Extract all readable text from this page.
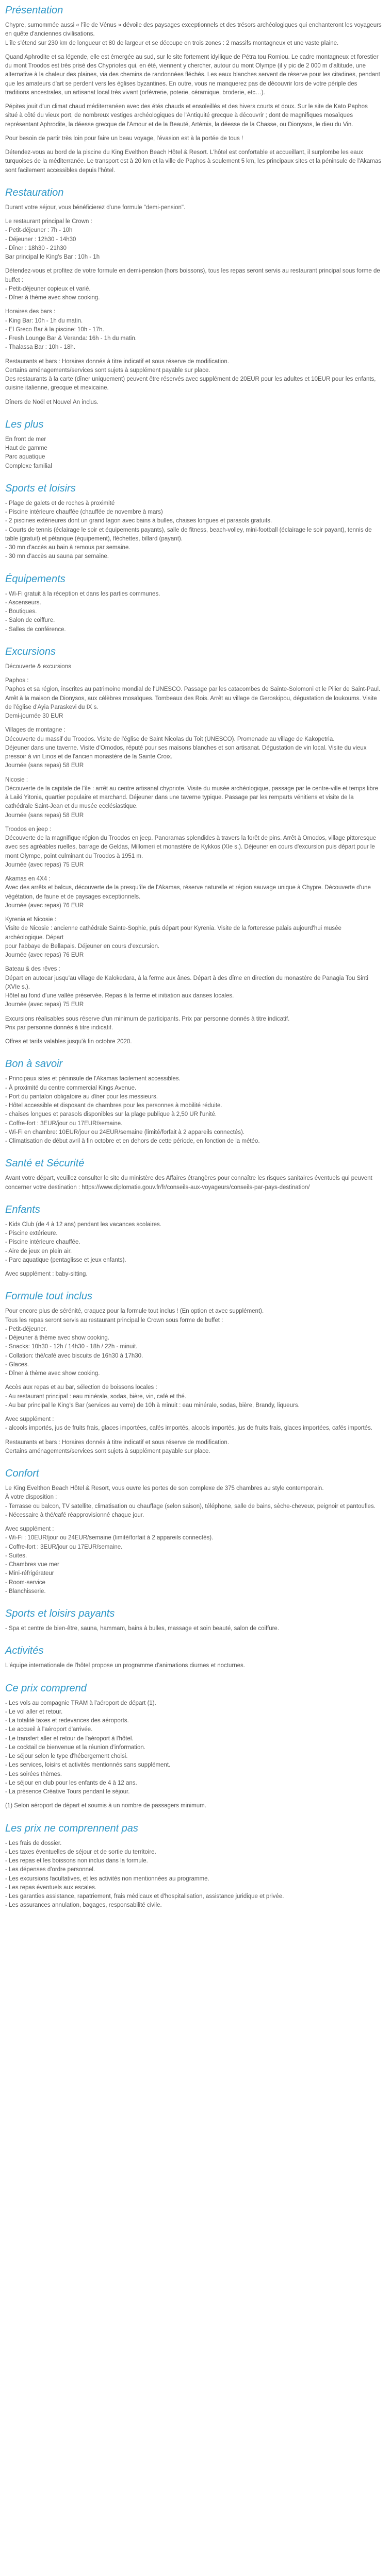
Présentation

Chypre, surnommée aussi « l'île de Vénus » dévoile des paysages exceptionnels et des trésors archéologiques qui enchanteront les voyageurs en quête d'anciennes civilisations.

L'île s'étend sur 230 km de longueur et 80 de largeur et se découpe en trois zones : 2 massifs montagneux et une vaste plaine.

Quand Aphrodite et sa légende, elle est émergée au sud, sur le site fortement idyllique de Pétra tou Romiou. Le cadre montagneux et forestier du mont Troodos est très prisé des Chypriotes qui, en été, viennent y chercher, autour du mont Olympe (il y pic de 2 000 m d'altitude, une alternative à la chaleur des plaines, via des chemins de randonnées fléchés. Les eaux blanches servent de réserve pour les citadines, pendant que les amateurs d'art se perdent vers les églises byzantines. En outre, vous ne manquerez pas de découvrir lors de votre périple des traditions ancestrales, un artisanat local très vivant (orfèvrerie, poterie, céramique, broderie, etc…).

Pépites jouit d'un climat chaud méditerranéen avec des étés chauds et ensoleillés et des hivers courts et doux. Sur le site de Kato Paphos situé à côté du vieux port, de nombreux vestiges archéologiques de l'Antiquité grecque à découvrir ; dont de magnifiques mosaïques représentant Aphrodite, la déesse grecque de l'Amour et de la Beauté, Artémis, la déesse de la Chasse, ou Dionysos, le dieu du Vin.

Pour besoin de partir très loin pour faire un beau voyage, l'évasion est à la portée de tous !

Détendez-vous au bord de la piscine du King Evelthon Beach Hôtel & Resort. L'hôtel est confortable et accueillant, il surplombe les eaux turquoises de la méditerranée. Le transport est à 20 km et la ville de Paphos à seulement 5 km, les principaux sites et la péninsule de l'Akamas sont facilement accessibles depuis l'hôtel.

Restauration

Durant votre séjour, vous bénéficierez d'une formule "demi-pension".

Le restaurant principal le Crown :

- Petit-déjeuner : 7h - 10h

- Déjeuner : 12h30 - 14h30

- Dîner : 18h30 - 21h30

Bar principal le King's Bar : 10h - 1h

Détendez-vous et profitez de votre formule en demi-pension (hors boissons), tous les repas seront servis au restaurant principal sous forme de buffet :

- Petit-déjeuner copieux et varié.

- Dîner à thème avec show cooking.

Horaires des bars :

- King Bar: 10h - 1h du matin.

- El Greco Bar à la piscine: 10h - 17h.

- Fresh Lounge Bar & Veranda: 16h - 1h du matin.

- Thalassa Bar : 10h - 18h.

Restaurants et bars : Horaires donnés à titre indicatif et sous réserve de modification.

Certains aménagements/services sont sujets à supplément payable sur place.

Des restaurants à la carte (dîner uniquement) peuvent être réservés avec supplément de 20EUR pour les adultes et 10EUR pour les enfants, cuisine italienne, grecque et mexicaine.

Dîners de Noël et Nouvel An inclus.

Les plus

En front de mer

Haut de gamme

Parc aquatique

Complexe familial

Sports et loisirs

- Plage de galets et de roches à proximité

- Piscine intérieure chauffée (chauffée de novembre à mars)

- 2 piscines extérieures dont un grand lagon avec bains à bulles, chaises longues et parasols gratuits.

- Courts de tennis (éclairage le soir et équipements payants), salle de fitness, beach-volley, mini-football (éclairage le soir payant), tennis de table (gratuit) et pétanque (équipement), fléchettes, billard (payant).

- 30 mn d'accès au bain à remous par semaine.

- 30 mn d'accès au sauna par semaine.

Équipements

- Wi-Fi gratuit à la réception et dans les parties communes.

- Ascenseurs.

- Boutiques.

- Salon de coiffure.

- Salles de conférence.

Excursions

Découverte & excursions

Paphos :

Paphos et sa région, inscrites au patrimoine mondial de l'UNESCO. Passage par les catacombes de Sainte-Solomoni et le Pilier de Saint-Paul. Arrêt à la maison de Dionysos, aux célèbres mosaïques. Tombeaux des Rois. Arrêt au village de Geroskipou, dégustation de loukoums. Visite de l'église d'Ayia Paraskevi du IX s.

Demi-journée 30 EUR

Villages de montagne :

Découverte du massif du Troodos. Visite de l'église de Saint Nicolas du Toit (UNESCO). Promenade au village de Kakopetria.

Déjeuner dans une taverne. Visite d'Omodos, réputé pour ses maisons blanches et son artisanat. Dégustation de vin local. Visite du vieux pressoir à vin Linos et de l'ancien monastère de la Sainte Croix.

Journée (sans repas) 58 EUR

Nicosie :

Découverte de la capitale de l'île : arrêt au centre artisanal chypriote. Visite du musée archéologique, passage par le centre-ville et temps libre à Laiki Yitonia, quartier populaire et marchand. Déjeuner dans une taverne typique. Passage par les remparts vénitiens et visite de la cathédrale Saint-Jean et du musée ecclésiastique.

Journée (sans repas) 58 EUR

Troodos en jeep :

Découverte de la magnifique région du Troodos en jeep. Panoramas splendides à travers la forêt de pins. Arrêt à Omodos, village pittoresque avec ses agréables ruelles, barrage de Geldas, Millomeri et monastère de Kykkos (XIe s.). Déjeuner en cours d'excursion puis départ pour le mont Olympe, point culminant du Troodos à 1951 m.

Journée (avec repas) 75 EUR

Akamas en 4X4 :

Avec des arrêts et balcus, découverte de la presqu'île de l'Akamas, réserve naturelle et région sauvage unique à Chypre. Découverte d'une végétation, de faune et de paysages exceptionnels.

Journée (avec repas) 76 EUR

Kyrenia et Nicosie :

Visite de Nicosie : ancienne cathédrale Sainte-Sophie, puis départ pour Kyrenia. Visite de la forteresse palais aujourd'hui musée archéologique. Départ

pour l'abbaye de Bellapais. Déjeuner en cours d'excursion.

Journée (avec repas) 76 EUR

Bateau & des rêves :

Départ en autocar jusqu'au village de Kalokedara, à la ferme aux ânes. Départ à des dîme en direction du monastère de Panagia Tou Sinti (XVIe s.).

Hôtel au fond d'une vallée préservée. Repas à la ferme et initiation aux danses locales.

Journée (avec repas) 75 EUR

Excursions réalisables sous réserve d'un minimum de participants. Prix par personne donnés à titre indicatif.

Prix par personne donnés à titre indicatif.

Offres et tarifs valables jusqu'à fin octobre 2020.

Bon à savoir

- Principaux sites et péninsule de l'Akamas facilement accessibles.

- À proximité du centre commercial Kings Avenue.

- Port du pantalon obligatoire au dîner pour les messieurs.

- Hôtel accessible et disposant de chambres pour les personnes à mobilité réduite.

- chaises longues et parasols disponibles sur la plage publique à 2,50 UR l'unité.

- Coffre-fort : 3EUR/jour ou 17EUR/semaine.

- Wi-Fi en chambre: 10EUR/jour ou 24EUR/semaine (limité/forfait à 2 appareils connectés).

- Climatisation de début avril à fin octobre et en dehors de cette période, en fonction de la météo.

Santé et Sécurité

Avant votre départ, veuillez consulter le site du ministère des Affaires étrangères pour connaître les risques sanitaires éventuels qui peuvent concerner votre destination : https://www.diplomatie.gouv.fr/fr/conseils-aux-voyageurs/conseils-par-pays-destination/

Enfants

- Kids Club (de 4 à 12 ans) pendant les vacances scolaires.

- Piscine extérieure.

- Piscine intérieure chauffée.

- Aire de jeux en plein air.

- Parc aquatique (pentaglisse et jeux enfants).

Avec supplément : baby-sitting.

Formule tout inclus

Pour encore plus de sérénité, craquez pour la formule tout inclus ! (En option et avec supplément).

Tous les repas seront servis au restaurant principal le Crown sous forme de buffet :

- Petit-déjeuner.

- Déjeuner à thème avec show cooking.

- Snacks: 10h30 - 12h / 14h30 - 18h / 22h - minuit.

- Collation: thé/café avec biscuits de 16h30 à 17h30.

- Glaces.

- Dîner à thème avec show cooking.

Accès aux repas et au bar, sélection de boissons locales :

- Au restaurant principal : eau minérale, sodas, bière, vin, café et thé.

- Au bar principal le King's Bar (services au verre) de 10h à minuit : eau minérale, sodas, bière, Brandy, liqueurs.

Avec supplément :

- alcools importés, jus de fruits frais, glaces importées, cafés importés, alcools importés, jus de fruits frais, glaces importées, cafés importés.

Restaurants et bars : Horaires donnés à titre indicatif et sous réserve de modification.

Certains aménagements/services sont sujets à supplément payable sur place.

Confort

Le King Evelthon Beach Hôtel & Resort, vous ouvre les portes de son complexe de 375 chambres au style contemporain.

À votre disposition :

- Terrasse ou balcon, TV satellite, climatisation ou chauffage (selon saison), téléphone, salle de bains, sèche-cheveux, peignoir et pantoufles.

- Nécessaire à thé/café réapprovisionné chaque jour.

Avec supplément :

- Wi-Fi : 10EUR/jour ou 24EUR/semaine (limité/forfait à 2 appareils connectés).

- Coffre-fort : 3EUR/jour ou 17EUR/semaine.

- Suites.

- Chambres vue mer

- Mini-réfrigérateur

- Room-service

- Blanchisserie.

Sports et loisirs payants

- Spa et centre de bien-être, sauna, hammam, bains à bulles, massage et soin beauté, salon de coiffure.

Activités

L'équipe internationale de l'hôtel propose un programme d'animations diurnes et nocturnes.

Ce prix comprend

- Les vols au compagnie TRAM à l'aéroport de départ (1).

- Le vol aller et retour.

- La totalité taxes et redevances des aéroports.

- Le accueil à l'aéroport d'arrivée.

- Le transfert aller et retour de l'aéroport à l'hôtel.

- Le cocktail de bienvenue et la réunion d'information.

- Le séjour selon le type d'hébergement choisi.

- Les services, loisirs et activités mentionnés sans supplément.

- Les soirées thèmes.

- Le séjour en club pour les enfants de 4 à 12 ans.

- La présence Créative Tours pendant le séjour.

(1) Selon aéroport de départ et soumis à un nombre de passagers minimum.

Les prix ne comprennent pas

- Les frais de dossier.

- Les taxes éventuelles de séjour et de sortie du territoire.

- Les repas et les boissons non inclus dans la formule.

- Les dépenses d'ordre personnel.

- Les excursions facultatives, et les activités non mentionnées au programme.

- Les repas éventuels aux escales.

- Les garanties assistance, rapatriement, frais médicaux et d'hospitalisation, assistance juridique et privée.

- Les assurances annulation, bagages, responsabilité civile.
